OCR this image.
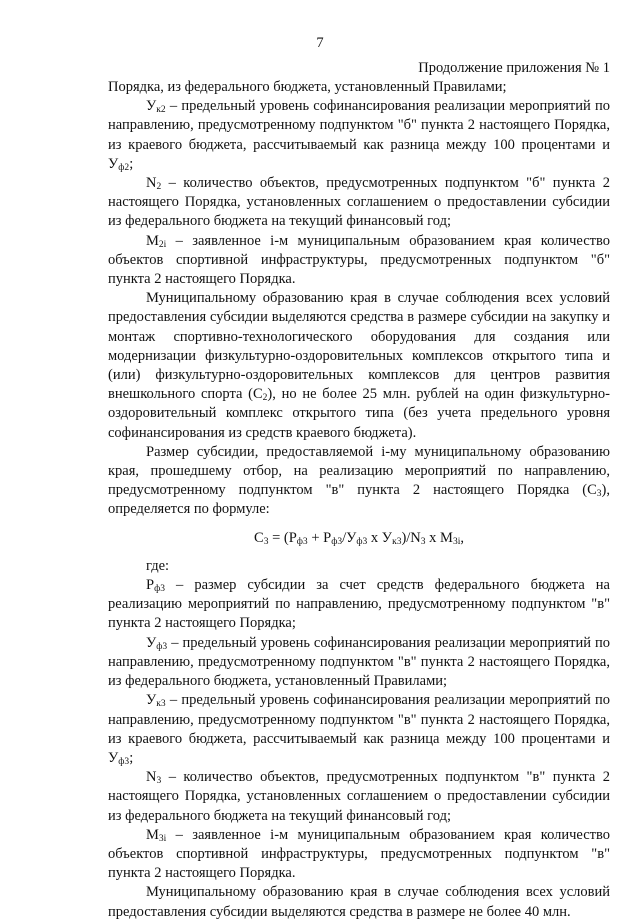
7
Продолжение приложения № 1

Порядка, из федерального бюджета, установленный Правилами;

$У_{к2}$ – предельный уровень софинансирования реализации мероприятий по направлению, предусмотренному подпунктом "б" пункта 2 настоящего Порядка, из краевого бюджета, рассчитываемый как разница между 100 процентами и $У_{ф2}$;

$N_2$ – количество объектов, предусмотренных подпунктом "б" пункта 2 настоящего Порядка, установленных соглашением о предоставлении субсидии из федерального бюджета на текущий финансовый год;

$M_{2i}$ – заявленное i-м муниципальным образованием края количество объектов спортивной инфраструктуры, предусмотренных подпунктом "б" пункта 2 настоящего Порядка.

Муниципальному образованию края в случае соблюдения всех условий предоставления субсидии выделяются средства в размере субсидии на закупку и монтаж спортивно-технологического оборудования для создания или модернизации физкультурно-оздоровительных комплексов открытого типа и (или) физкультурно-оздоровительных комплексов для центров развития внешкольного спорта $(С_2)$, но не более 25 млн. рублей на один физкультурно-оздоровительный комплекс открытого типа (без учета предельного уровня софинансирования из средств краевого бюджета).

Размер субсидии, предоставляемой i-му муниципальному образованию края, прошедшему отбор, на реализацию мероприятий по направлению, предусмотренному подпунктом "в" пункта 2 настоящего Порядка $(С_3)$, определяется по формуле:

$С_3 = (Р_{ф3} + Р_{ф3}/У_{ф3}$ х $У_{к3})/N_3$ х $M_{3i}$,

где:

$Р_{ф3}$ – размер субсидии за счет средств федерального бюджета на реализацию мероприятий по направлению, предусмотренному подпунктом "в" пункта 2 настоящего Порядка;

$У_{ф3}$ – предельный уровень софинансирования реализации мероприятий по направлению, предусмотренному подпунктом "в" пункта 2 настоящего Порядка, из федерального бюджета, установленный Правилами;

$У_{к3}$ – предельный уровень софинансирования реализации мероприятий по направлению, предусмотренному подпунктом "в" пункта 2 настоящего Порядка, из краевого бюджета, рассчитываемый как разница между 100 процентами и $У_{ф3}$;

$N_3$ – количество объектов, предусмотренных подпунктом "в" пункта 2 настоящего Порядка, установленных соглашением о предоставлении субсидии из федерального бюджета на текущий финансовый год;

$M_{3i}$ – заявленное i-м муниципальным образованием края количество объектов спортивной инфраструктуры, предусмотренных подпунктом "в" пункта 2 настоящего Порядка.

Муниципальному образованию края в случае соблюдения всех условий предоставления субсидии выделяются средства в размере не более 40 млн.
